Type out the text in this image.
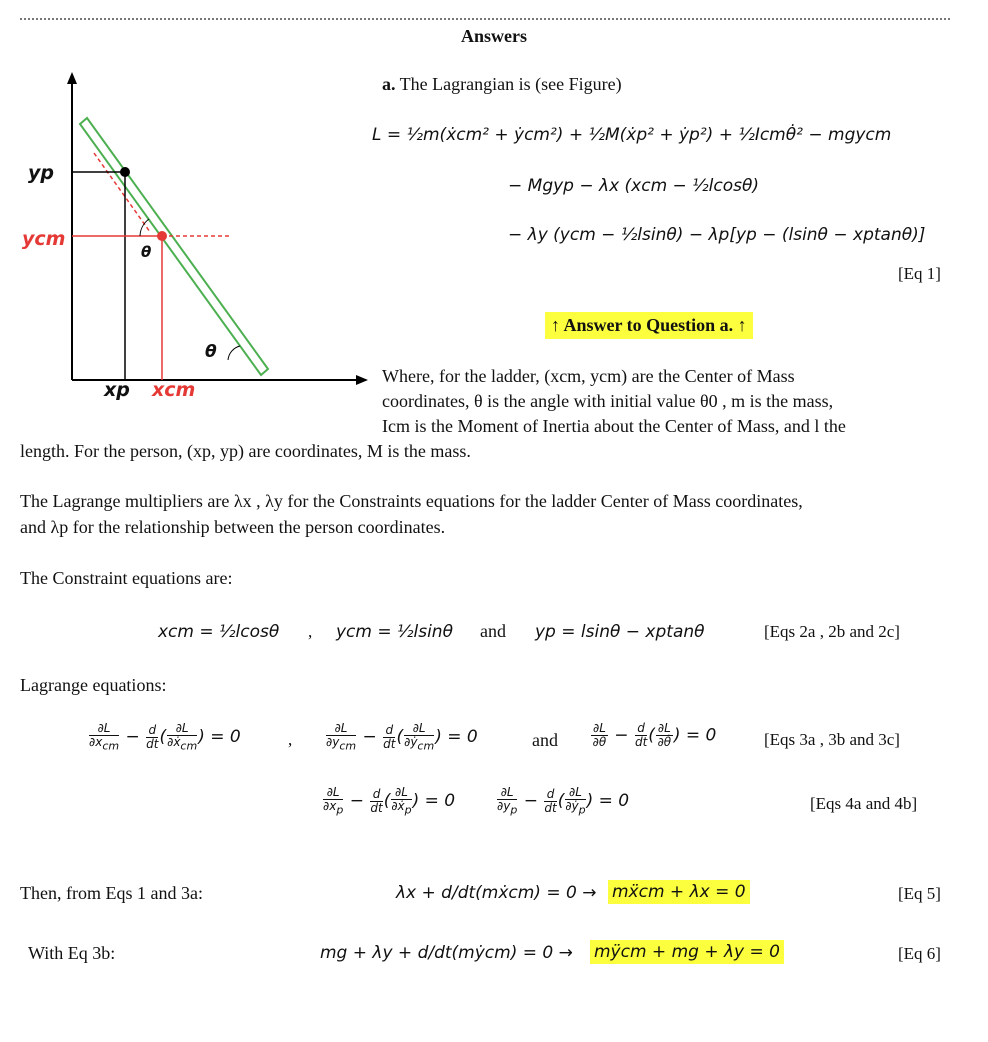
Answers
yp
ycm
θ
θ
xp xcm
a. The Lagrangian is (see Figure)
L = ½m(ẋcm² + ẏcm²) + ½M(ẋp² + ẏp²) + ½Icmθ̇² − mgycm
− Mgyp − λx (xcm − ½lcosθ)
− λy (ycm − ½lsinθ) − λp[yp − (lsinθ − xptanθ)]
[Eq 1]
↑ Answer to Question a. ↑
Where, for the ladder, (xcm, ycm) are the Center of Mass
coordinates, θ is the angle with initial value θ0 , m is the mass,
Icm is the Moment of Inertia about the Center of Mass, and l the
length. For the person, (xp, yp) are coordinates, M is the mass.
The Lagrange multipliers are λx , λy for the Constraints equations for the ladder Center of Mass coordinates,
and λp for the relationship between the person coordinates.
The Constraint equations are:
xcm = ½lcosθ , ycm = ½lsinθ and yp = lsinθ − xptanθ	[Eqs 2a , 2b and 2c]
Lagrange equations:
$\frac{\partial L}{\partial x_{cm}} - \frac{d}{dt}$ ( $\frac{\partial L}{\partial ẋ_{cm}}$ ) = 0	,	$\frac{\partial L}{\partial y_{cm}} - \frac{d}{dt}$ ( $\frac{\partial L}{\partial ẏ_{cm}}$ ) = 0	and	$\frac{\partial L}{\partial\theta} - \frac{d}{dt}$ ( $\frac{\partial L}{\partial\thetȧ}$ ) = 0	[Eqs 3a , 3b and 3c]
$\frac{\partial L}{\partial x_p} - \frac{d}{dt}$ ( $\frac{\partial L}{\partial ẋ_p}$ ) = 0	$\frac{\partial L}{\partial y_p} - \frac{d}{dt}$ ( $\frac{\partial L}{\partial ẏ_p}$ ) = 0	[Eqs 4a and 4b]
Then, from Eqs 1 and 3a:	λx + d/dt(mẋcm) = 0 → mẍcm + λx = 0	[Eq 5]
With Eq 3b:	mg + λy + d/dt(mẏcm) = 0 → mÿcm + mg + λy = 0	[Eq 6]
